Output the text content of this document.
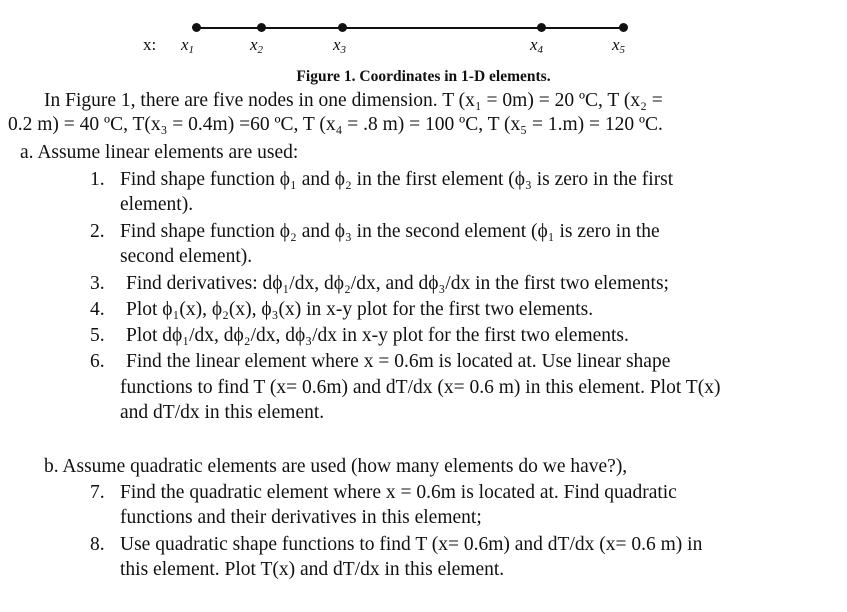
x: $x_1$	$x_2$	$x_3$	$x_4$	$x_5$
Figure 1. Coordinates in 1-D elements.
In Figure 1, there are five nodes in one dimension. T (x₁ = 0m) = 20 ºC, T (x₂ =
0.2 m) = 40 ºC, T(x₃ = 0.4m) =60 ºC, T (x₄ = .8 m) = 100 ºC, T (x₅ = 1.m) = 120 ºC.
a. Assume linear elements are used:
1. Find shape function ϕ₁ and ϕ₂ in the first element (ϕ₃ is zero in the first
element).
2. Find shape function ϕ₂ and ϕ₃ in the second element (ϕ₁ is zero in the
second element).
3. Find derivatives: dϕ₁/dx, dϕ₂/dx, and dϕ₃/dx in the first two elements;
4. Plot ϕ₁(x), ϕ₂(x), ϕ₃(x) in x-y plot for the first two elements.
5. Plot dϕ₁/dx, dϕ₂/dx, dϕ₃/dx in x-y plot for the first two elements.
6. Find the linear element where x = 0.6m is located at. Use linear shape
functions to find T (x= 0.6m) and dT/dx (x= 0.6 m) in this element. Plot T(x)
and dT/dx in this element.
b. Assume quadratic elements are used (how many elements do we have?),
7. Find the quadratic element where x = 0.6m is located at. Find quadratic
functions and their derivatives in this element;
8. Use quadratic shape functions to find T (x= 0.6m) and dT/dx (x= 0.6 m) in
this element. Plot T(x) and dT/dx in this element.
